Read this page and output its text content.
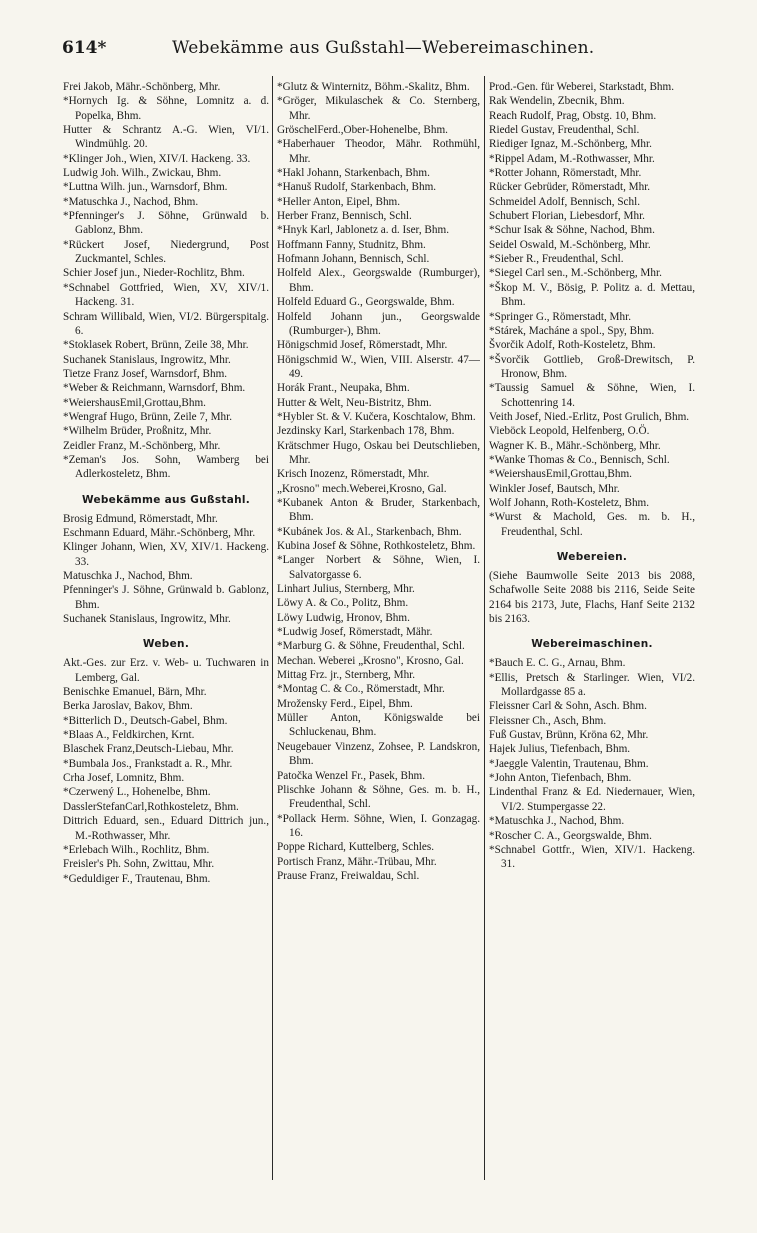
614*	Webekämme aus Gußstahl—Webereimaschinen.
Frei Jakob, Mähr.-Schönberg, Mhr.
*Hornych Ig. & Söhne, Lomnitz a. d. Popelka, Bhm.
Hutter & Schrantz A.-G. Wien, VI/1. Windmühlg. 20.
*Klinger Joh., Wien, XIV/I. Hackeng. 33.
Ludwig Joh. Wilh., Zwickau, Bhm.
*Luttna Wilh. jun., Warnsdorf, Bhm.
*Matuschka J., Nachod, Bhm.
*Pfenninger's J. Söhne, Grünwald b. Gablonz, Bhm.
*Rückert Josef, Niedergrund, Post Zuckmantel, Schles.
Schier Josef jun., Nieder-Rochlitz, Bhm.
*Schnabel Gottfried, Wien, XV, XIV/1. Hackeng. 31.
Schram Willibald, Wien, VI/2. Bürgerspitalg. 6.
*Stoklasek Robert, Brünn, Zeile 38, Mhr.
Suchanek Stanislaus, Ingrowitz, Mhr.
Tietze Franz Josef, Warnsdorf, Bhm.
*Weber & Reichmann, Warnsdorf, Bhm.
*WeiershausEmil,Grottau,Bhm.
*Wengraf Hugo, Brünn, Zeile 7, Mhr.
*Wilhelm Brüder, Proßnitz, Mhr.
Zeidler Franz, M.-Schönberg, Mhr.
*Zeman's Jos. Sohn, Wamberg bei Adlerkosteletz, Bhm.
Webekämme aus Gußstahl.
Brosig Edmund, Römerstadt, Mhr.
Eschmann Eduard, Mähr.-Schönberg, Mhr.
Klinger Johann, Wien, XV, XIV/1. Hackeng. 33.
Matuschka J., Nachod, Bhm.
Pfenninger's J. Söhne, Grünwald b. Gablonz, Bhm.
Suchanek Stanislaus, Ingrowitz, Mhr.
Weben.
Akt.-Ges. zur Erz. v. Web- u. Tuchwaren in Lemberg, Gal.
Benischke Emanuel, Bärn, Mhr.
Berka Jaroslav, Bakov, Bhm.
*Bitterlich D., Deutsch-Gabel, Bhm.
*Blaas A., Feldkirchen, Krnt.
Blaschek Franz,Deutsch-Liebau, Mhr.
*Bumbala Jos., Frankstadt a. R., Mhr.
Crha Josef, Lomnitz, Bhm.
*Czerwený L., Hohenelbe, Bhm.
DasslerStefanCarl,Rothkosteletz, Bhm.
Dittrich Eduard, sen., Eduard Dittrich jun., M.-Rothwasser, Mhr.
*Erlebach Wilh., Rochlitz, Bhm.
Freisler's Ph. Sohn, Zwittau, Mhr.
*Geduldiger F., Trautenau, Bhm.
*Glutz & Winternitz, Böhm.-Skalitz, Bhm.
*Gröger, Mikulaschek & Co. Sternberg, Mhr.
GröschelFerd.,Ober-Hohenelbe, Bhm.
*Haberhauer Theodor, Mähr. Rothmühl, Mhr.
*Hakl Johann, Starkenbach, Bhm.
*Hanuš Rudolf, Starkenbach, Bhm.
*Heller Anton, Eipel, Bhm.
Herber Franz, Bennisch, Schl.
*Hnyk Karl, Jablonetz a. d. Iser, Bhm.
Hoffmann Fanny, Studnitz, Bhm.
Hofmann Johann, Bennisch, Schl.
Holfeld Alex., Georgswalde (Rumburger), Bhm.
Holfeld Eduard G., Georgswalde, Bhm.
Holfeld Johann jun., Georgswalde (Rumburger-), Bhm.
Hönigschmid Josef, Römerstadt, Mhr.
Hönigschmid W., Wien, VIII. Alserstr. 47—49.
Horák Frant., Neupaka, Bhm.
Hutter & Welt, Neu-Bistritz, Bhm.
*Hybler St. & V. Kučera, Koschtalow, Bhm.
Jezdinsky Karl, Starkenbach 178, Bhm.
Krätschmer Hugo, Oskau bei Deutschlieben, Mhr.
Krisch Inozenz, Römerstadt, Mhr.
„Krosno" mech.Weberei,Krosno, Gal.
*Kubanek Anton & Bruder, Starkenbach, Bhm.
*Kubánek Jos. & Al., Starkenbach, Bhm.
Kubina Josef & Söhne, Rothkosteletz, Bhm.
*Langer Norbert & Söhne, Wien, I. Salvatorgasse 6.
Linhart Julius, Sternberg, Mhr.
Löwy A. & Co., Politz, Bhm.
Löwy Ludwig, Hronov, Bhm.
*Ludwig Josef, Römerstadt, Mähr.
*Marburg G. & Söhne, Freudenthal, Schl.
Mechan. Weberei „Krosno", Krosno, Gal.
Mittag Frz. jr., Sternberg, Mhr.
*Montag C. & Co., Römerstadt, Mhr.
Mrožensky Ferd., Eipel, Bhm.
Müller Anton, Königswalde bei Schluckenau, Bhm.
Neugebauer Vinzenz, Zohsee, P. Landskron, Bhm.
Patočka Wenzel Fr., Pasek, Bhm.
Plischke Johann & Söhne, Ges. m. b. H., Freudenthal, Schl.
*Pollack Herm. Söhne, Wien, I. Gonzagag. 16.
Poppe Richard, Kuttelberg, Schles.
Portisch Franz, Mähr.-Trübau, Mhr.
Prause Franz, Freiwaldau, Schl.
Prod.-Gen. für Weberei, Starkstadt, Bhm.
Rak Wendelin, Zbecnik, Bhm.
Reach Rudolf, Prag, Obstg. 10, Bhm.
Riedel Gustav, Freudenthal, Schl.
Riediger Ignaz, M.-Schönberg, Mhr.
*Rippel Adam, M.-Rothwasser, Mhr.
*Rotter Johann, Römerstadt, Mhr.
Rücker Gebrüder, Römerstadt, Mhr.
Schmeidel Adolf, Bennisch, Schl.
Schubert Florian, Liebesdorf, Mhr.
*Schur Isak & Söhne, Nachod, Bhm.
Seidel Oswald, M.-Schönberg, Mhr.
*Sieber R., Freudenthal, Schl.
*Siegel Carl sen., M.-Schönberg, Mhr.
*Škop M. V., Bösig, P. Politz a. d. Mettau, Bhm.
*Springer G., Römerstadt, Mhr.
*Stárek, Macháne a spol., Spy, Bhm.
Švorčik Adolf, Roth-Kosteletz, Bhm.
*Švorčik Gottlieb, Groß-Drewitsch, P. Hronow, Bhm.
*Taussig Samuel & Söhne, Wien, I. Schottenring 14.
Veith Josef, Nied.-Erlitz, Post Grulich, Bhm.
Vieböck Leopold, Helfenberg, O.Ö.
Wagner K. B., Mähr.-Schönberg, Mhr.
*Wanke Thomas & Co., Bennisch, Schl.
*WeiershausEmil,Grottau,Bhm.
Winkler Josef, Bautsch, Mhr.
Wolf Johann, Roth-Kosteletz, Bhm.
*Wurst & Machold, Ges. m. b. H., Freudenthal, Schl.
Webereien.
(Siehe Baumwolle Seite 2013 bis 2088, Schafwolle Seite 2088 bis 2116, Seide Seite 2164 bis 2173, Jute, Flachs, Hanf Seite 2132 bis 2163.
Webereimaschinen.
*Bauch E. C. G., Arnau, Bhm.
*Ellis, Pretsch & Starlinger. Wien, VI/2. Mollardgasse 85 a.
Fleissner Carl & Sohn, Asch. Bhm.
Fleissner Ch., Asch, Bhm.
Fuß Gustav, Brünn, Kröna 62, Mhr.
Hajek Julius, Tiefenbach, Bhm.
*Jaeggle Valentin, Trautenau, Bhm.
*John Anton, Tiefenbach, Bhm.
Lindenthal Franz & Ed. Niedernauer, Wien, VI/2. Stumpergasse 22.
*Matuschka J., Nachod, Bhm.
*Roscher C. A., Georgswalde, Bhm.
*Schnabel Gottfr., Wien, XIV/1. Hackeng. 31.
